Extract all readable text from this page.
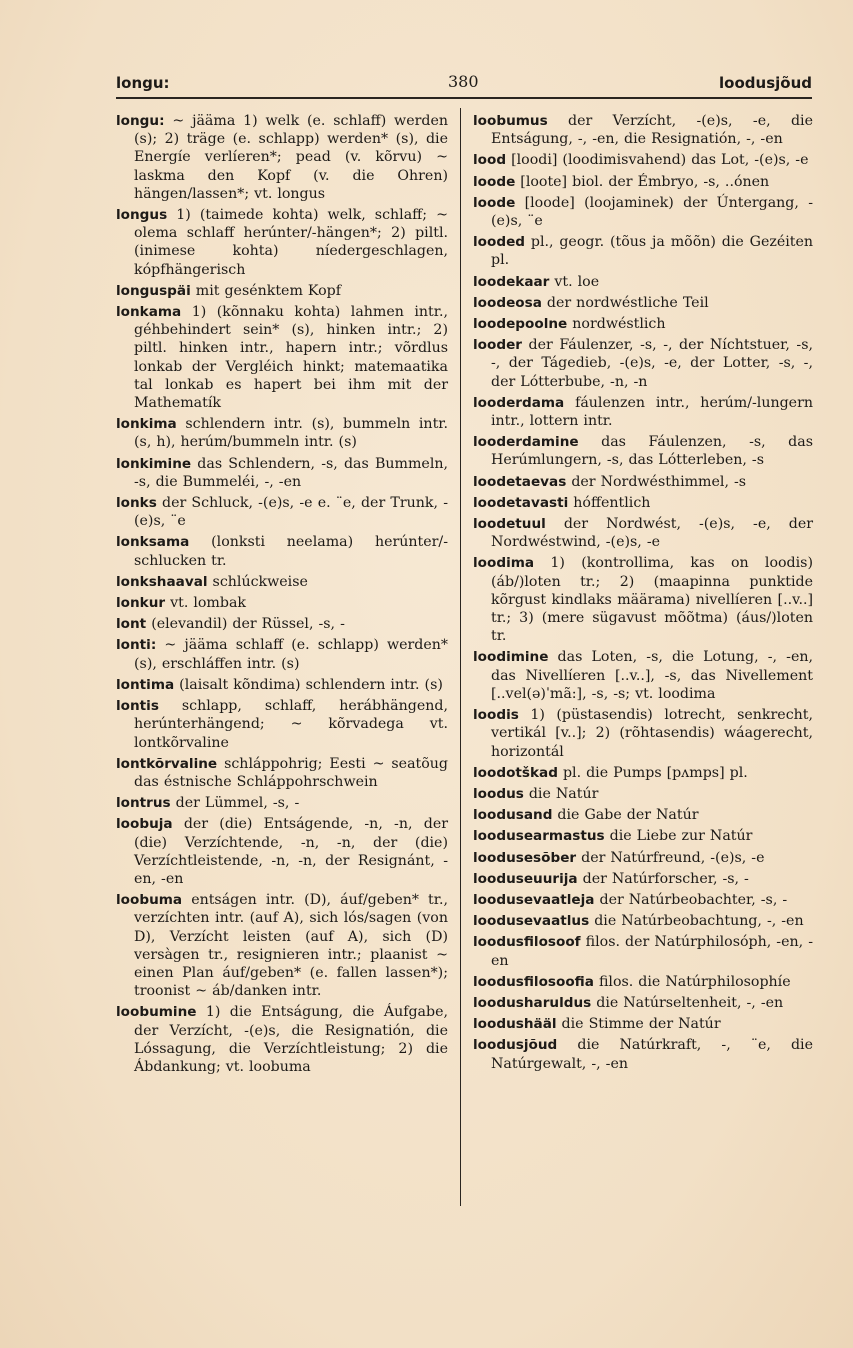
longu:	380	loodusjõud
longu: ~ jääma 1) welk (e. schlaff) werden (s); 2) träge (e. schlapp) werden* (s), die Energíe verlíeren*; pead (v. kõrvu) ~ laskma den Kopf (v. die Ohren) hängen/lassen*; vt. longus
longus 1) (taimede kohta) welk, schlaff; ~ olema schlaff herúnter/-hängen*; 2) piltl. (inimese kohta) níedergeschlagen, kópfhängerisch
longuspäi mit gesénktem Kopf
lonkama 1) (kõnnaku kohta) lahmen intr., géhbehindert sein* (s), hinken intr.; 2) piltl. hinken intr., hapern intr.; võrdlus lonkab der Vergléich hinkt; matemaatika tal lonkab es hapert bei ihm mit der Mathematík
lonkima schlendern intr. (s), bummeln intr. (s, h), herúm/bummeln intr. (s)
lonkimine das Schlendern, -s, das Bummeln, -s, die Bummeléi, -, -en
lonks der Schluck, -(e)s, -e e. ¨e, der Trunk, -(e)s, ¨e
lonksama (lonksti neelama) herúnter/-schlucken tr.
lonkshaaval schlúckweise
lonkur vt. lombak
lont (elevandil) der Rüssel, -s, -
lonti: ~ jääma schlaff (e. schlapp) werden* (s), erschláffen intr. (s)
lontima (laisalt kõndima) schlendern intr. (s)
lontis schlapp, schlaff, herábhängend, herúnterhängend; ~ kõrvadega vt. lontkõrvaline
lontkõrvaline schláppohrig; Eesti ~ seatõug das éstnische Schláppohrschwein
lontrus der Lümmel, -s, -
loobuja der (die) Entságende, -n, -n, der (die) Verzíchtende, -n, -n, der (die) Verzíchtleistende, -n, -n, der Resignánt, -en, -en
loobuma entságen intr. (D), áuf/geben* tr., verzíchten intr. (auf A), sich lós/sagen (von D), Verzícht leisten (auf A), sich (D) versàgen tr., resignieren intr.; plaanist ~ einen Plan áuf/geben* (e. fallen lassen*); troonist ~ áb/danken intr.
loobumine 1) die Entságung, die Áufgabe, der Verzícht, -(e)s, die Resignatión, die Lóssagung, die Verzíchtleistung; 2) die Ábdankung; vt. loobuma
loobumus der Verzícht, -(e)s, -e, die Entságung, -, -en, die Resignatión, -, -en
lood [loodi] (loodimisvahend) das Lot, -(e)s, -e
loode [loote] biol. der Émbryo, -s, ..ónen
loode [loode] (loojaminek) der Úntergang, -(e)s, ¨e
looded pl., geogr. (tõus ja mõõn) die Gezéiten pl.
loodekaar vt. loe
loodeosa der nordwéstliche Teil
loodepoolne nordwéstlich
looder der Fáulenzer, -s, -, der Níchtstuer, -s, -, der Tágedieb, -(e)s, -e, der Lotter, -s, -, der Lótterbube, -n, -n
looderdama fáulenzen intr., herúm/-lungern intr., lottern intr.
looderdamine das Fáulenzen, -s, das Herúmlungern, -s, das Lótterleben, -s
loodetaevas der Nordwésthimmel, -s
loodetavasti hóffentlich
loodetuul der Nordwést, -(e)s, -e, der Nordwéstwind, -(e)s, -e
loodima 1) (kontrollima, kas on loodis) (áb/)loten tr.; 2) (maapinna punktide kõrgust kindlaks määrama) nivellíeren [..v..] tr.; 3) (mere sügavust mõõtma) (áus/)loten tr.
loodimine das Loten, -s, die Lotung, -, -en, das Nivellíeren [..v..], -s, das Nivellement [..vel(ə)ˈmã:], -s, -s; vt. loodima
loodis 1) (püstasendis) lotrecht, senkrecht, vertikál [v..]; 2) (rõhtasendis) wáagerecht, horizontál
loodotškad pl. die Pumps [pʌmps] pl.
loodus die Natúr
loodusand die Gabe der Natúr
loodusearmastus die Liebe zur Natúr
loodusesõber der Natúrfreund, -(e)s, -e
looduseuurija der Natúrforscher, -s, -
loodusevaatleja der Natúrbeobachter, -s, -
loodusevaatlus die Natúrbeobachtung, -, -en
loodusfilosoof filos. der Natúrphilosóph, -en, -en
loodusfilosoofia filos. die Natúrphilosophíe
loodusharuldus die Natúrseltenheit, -, -en
loodushääl die Stimme der Natúr
loodusjõud die Natúrkraft, -, ¨e, die Natúrgewalt, -, -en
